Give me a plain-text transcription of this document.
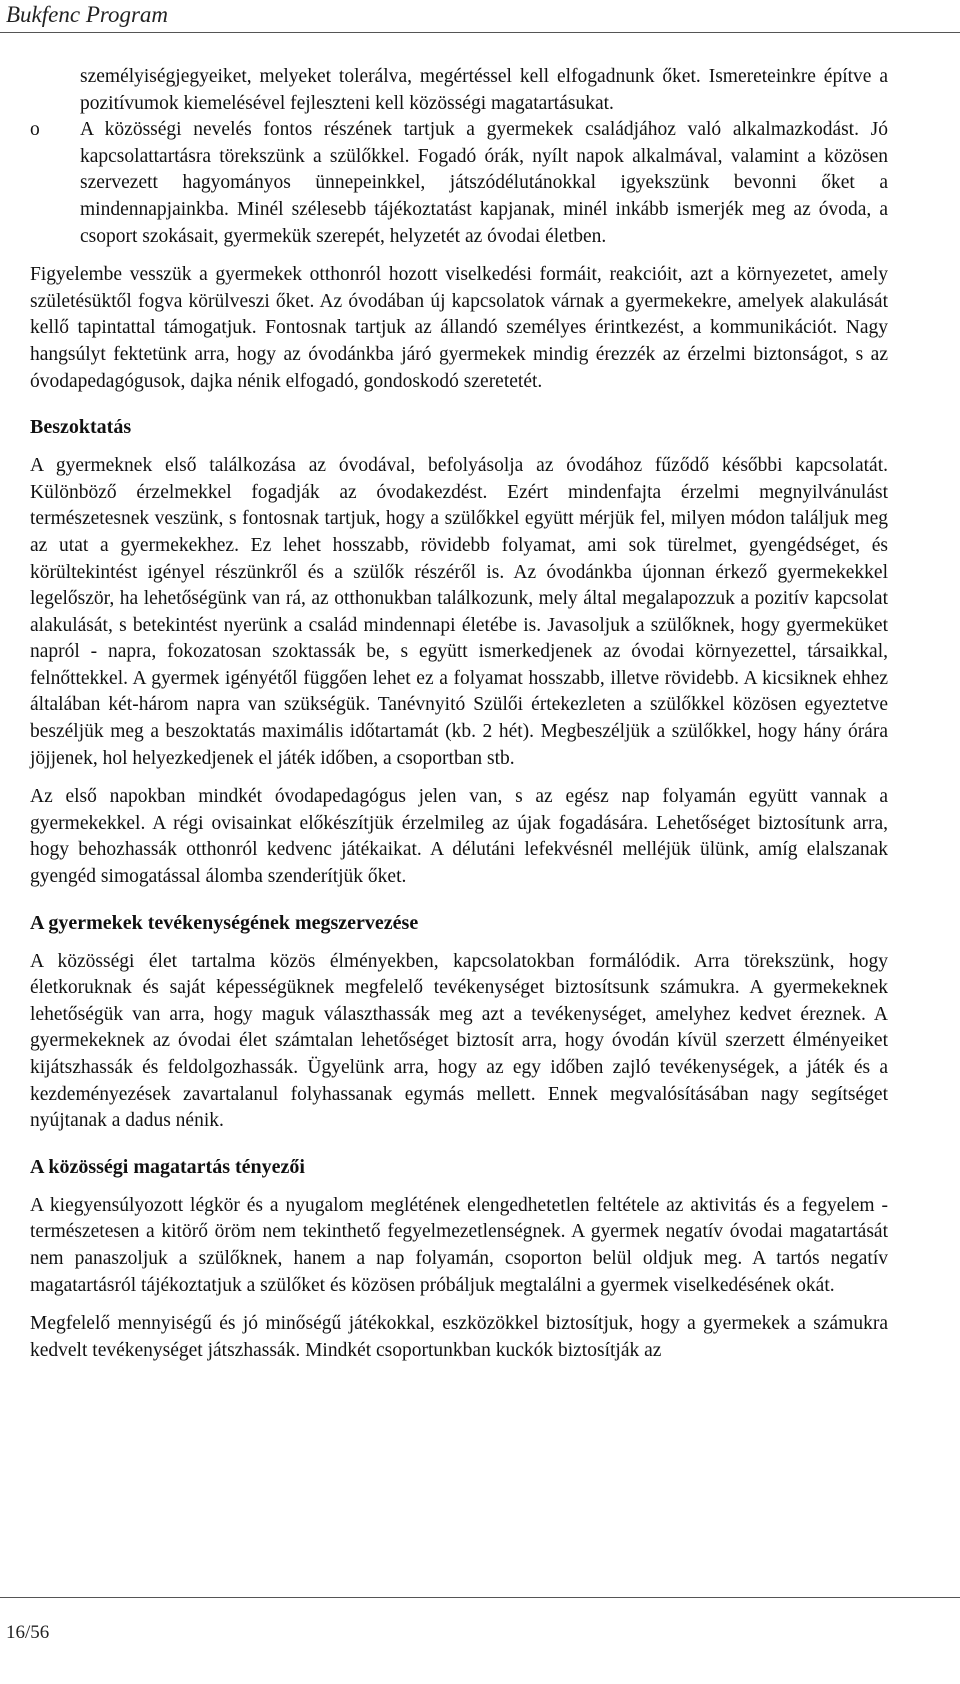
Bukfenc Program

személyiségjegyeiket, melyeket tolerálva, megértéssel kell elfogadnunk őket. Ismereteinkre építve a pozitívumok kiemelésével fejleszteni kell közösségi magatartásukat.

o A közösségi nevelés fontos részének tartjuk a gyermekek családjához való alkalmazkodást. Jó kapcsolattartásra törekszünk a szülőkkel. Fogadó órák, nyílt napok alkalmával, valamint a közösen szervezett hagyományos ünnepeinkkel, játszódélutánokkal igyekszünk bevonni őket a mindennapjainkba. Minél szélesebb tájékoztatást kapjanak, minél inkább ismerjék meg az óvoda, a csoport szokásait, gyermekük szerepét, helyzetét az óvodai életben.

Figyelembe vesszük a gyermekek otthonról hozott viselkedési formáit, reakcióit, azt a környezetet, amely születésüktől fogva körülveszi őket. Az óvodában új kapcsolatok várnak a gyermekekre, amelyek alakulását kellő tapintattal támogatjuk. Fontosnak tartjuk az állandó személyes érintkezést, a kommunikációt. Nagy hangsúlyt fektetünk arra, hogy az óvodánkba járó gyermekek mindig érezzék az érzelmi biztonságot, s az óvodapedagógusok, dajka nénik elfogadó, gondoskodó szeretetét.

Beszoktatás

A gyermeknek első találkozása az óvodával, befolyásolja az óvodához fűződő későbbi kapcsolatát. Különböző érzelmekkel fogadják az óvodakezdést. Ezért mindenfajta érzelmi megnyilvánulást természetesnek veszünk, s fontosnak tartjuk, hogy a szülőkkel együtt mérjük fel, milyen módon találjuk meg az utat a gyermekekhez. Ez lehet hosszabb, rövidebb folyamat, ami sok türelmet, gyengédséget, és körültekintést igényel részünkről és a szülők részéről is. Az óvodánkba újonnan érkező gyermekekkel legelőször, ha lehetőségünk van rá, az otthonukban találkozunk, mely által megalapozzuk a pozitív kapcsolat alakulását, s betekintést nyerünk a család mindennapi életébe is. Javasoljuk a szülőknek, hogy gyermeküket napról - napra, fokozatosan szoktassák be, s együtt ismerkedjenek az óvodai környezettel, társaikkal, felnőttekkel. A gyermek igényétől függően lehet ez a folyamat hosszabb, illetve rövidebb. A kicsiknek ehhez általában két-három napra van szükségük. Tanévnyitó Szülői értekezleten a szülőkkel közösen egyeztetve beszéljük meg a beszoktatás maximális időtartamát (kb. 2 hét). Megbeszéljük a szülőkkel, hogy hány órára jöjjenek, hol helyezkedjenek el játék időben, a csoportban stb.

Az első napokban mindkét óvodapedagógus jelen van, s az egész nap folyamán együtt vannak a gyermekekkel. A régi ovisainkat előkészítjük érzelmileg az újak fogadására. Lehetőséget biztosítunk arra, hogy behozhassák otthonról kedvenc játékaikat. A délutáni lefekvésnél melléjük ülünk, amíg elalszanak gyengéd simogatással álomba szenderítjük őket.

A gyermekek tevékenységének megszervezése

A közösségi élet tartalma közös élményekben, kapcsolatokban formálódik. Arra törekszünk, hogy életkoruknak és saját képességüknek megfelelő tevékenységet biztosítsunk számukra. A gyermekeknek lehetőségük van arra, hogy maguk választhassák meg azt a tevékenységet, amelyhez kedvet éreznek. A gyermekeknek az óvodai élet számtalan lehetőséget biztosít arra, hogy óvodán kívül szerzett élményeiket kijátszhassák és feldolgozhassák. Ügyelünk arra, hogy az egy időben zajló tevékenységek, a játék és a kezdeményezések zavartalanul folyhassanak egymás mellett. Ennek megvalósításában nagy segítséget nyújtanak a dadus nénik.

A közösségi magatartás tényezői

A kiegyensúlyozott légkör és a nyugalom meglétének elengedhetetlen feltétele az aktivitás és a fegyelem - természetesen a kitörő öröm nem tekinthető fegyelmezetlenségnek. A gyermek negatív óvodai magatartását nem panaszoljuk a szülőknek, hanem a nap folyamán, csoporton belül oldjuk meg. A tartós negatív magatartásról tájékoztatjuk a szülőket és közösen próbáljuk megtalálni a gyermek viselkedésének okát.

Megfelelő mennyiségű és jó minőségű játékokkal, eszközökkel biztosítjuk, hogy a gyermekek a számukra kedvelt tevékenységet játszhassák. Mindkét csoportunkban kuckók biztosítják az

16/56
